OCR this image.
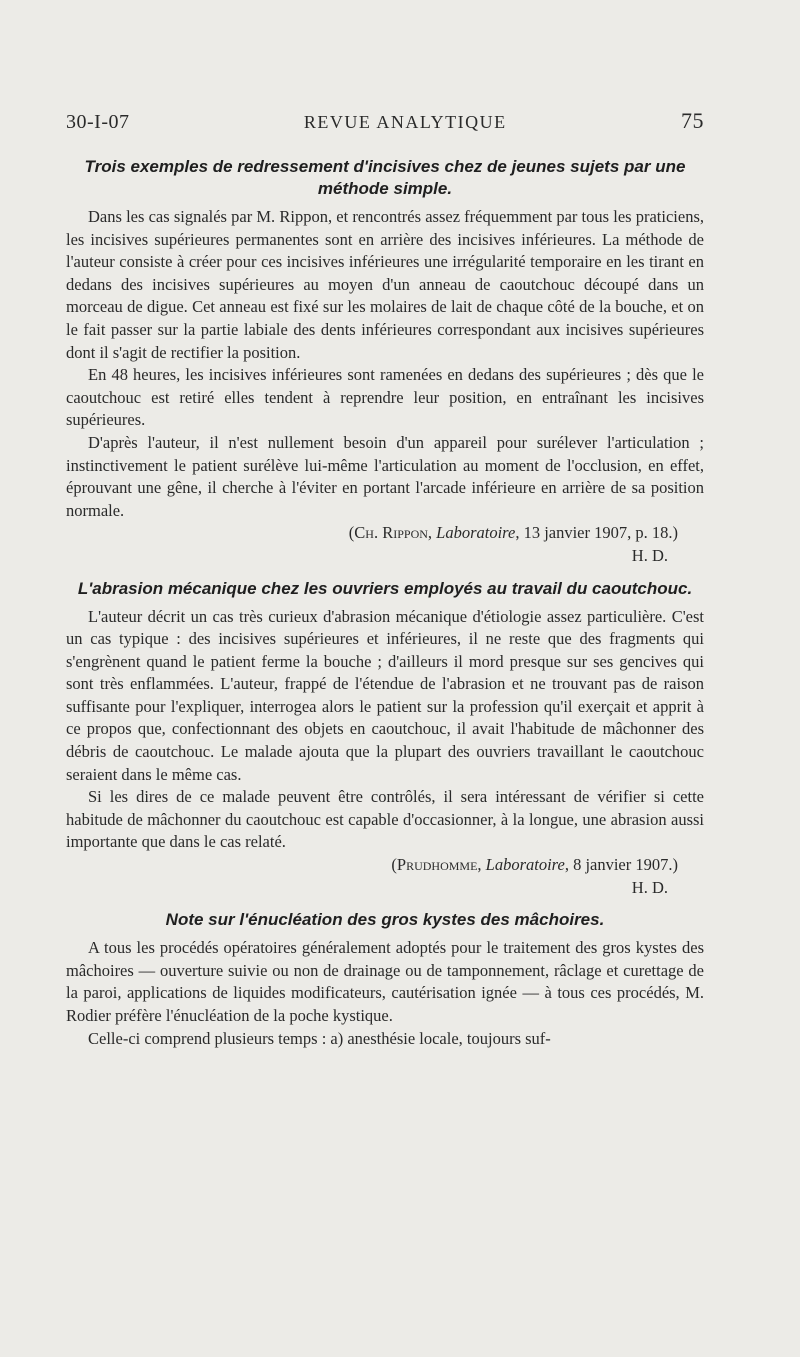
30-I-07	REVUE ANALYTIQUE	75
Trois exemples de redressement d'incisives chez de jeunes sujets par une méthode simple.

Dans les cas signalés par M. Rippon, et rencontrés assez fréquemment par tous les praticiens, les incisives supérieures permanentes sont en arrière des incisives inférieures. La méthode de l'auteur consiste à créer pour ces incisives inférieures une irrégularité temporaire en les tirant en dedans des incisives supérieures au moyen d'un anneau de caoutchouc découpé dans un morceau de digue. Cet anneau est fixé sur les molaires de lait de chaque côté de la bouche, et on le fait passer sur la partie labiale des dents inférieures correspondant aux incisives supérieures dont il s'agit de rectifier la position.

En 48 heures, les incisives inférieures sont ramenées en dedans des supérieures ; dès que le caoutchouc est retiré elles tendent à reprendre leur position, en entraînant les incisives supérieures.

D'après l'auteur, il n'est nullement besoin d'un appareil pour surélever l'articulation ; instinctivement le patient surélève lui-même l'articulation au moment de l'occlusion, en effet, éprouvant une gêne, il cherche à l'éviter en portant l'arcade inférieure en arrière de sa position normale.

(Ch. Rippon, Laboratoire, 13 janvier 1907, p. 18.)
H. D.
L'abrasion mécanique chez les ouvriers employés au travail du caoutchouc.

L'auteur décrit un cas très curieux d'abrasion mécanique d'étiologie assez particulière. C'est un cas typique : des incisives supérieures et inférieures, il ne reste que des fragments qui s'engrènent quand le patient ferme la bouche ; d'ailleurs il mord presque sur ses gencives qui sont très enflammées. L'auteur, frappé de l'étendue de l'abrasion et ne trouvant pas de raison suffisante pour l'expliquer, interrogea alors le patient sur la profession qu'il exerçait et apprit à ce propos que, confectionnant des objets en caoutchouc, il avait l'habitude de mâchonner des débris de caoutchouc. Le malade ajouta que la plupart des ouvriers travaillant le caoutchouc seraient dans le même cas.

Si les dires de ce malade peuvent être contrôlés, il sera intéressant de vérifier si cette habitude de mâchonner du caoutchouc est capable d'occasionner, à la longue, une abrasion aussi importante que dans le cas relaté.

(Prudhomme, Laboratoire, 8 janvier 1907.)
H. D.
Note sur l'énucléation des gros kystes des mâchoires.

A tous les procédés opératoires généralement adoptés pour le traitement des gros kystes des mâchoires — ouverture suivie ou non de drainage ou de tamponnement, râclage et curettage de la paroi, applications de liquides modificateurs, cautérisation ignée — à tous ces procédés, M. Rodier préfère l'énucléation de la poche kystique.

Celle-ci comprend plusieurs temps : a) anesthésie locale, toujours suf-
